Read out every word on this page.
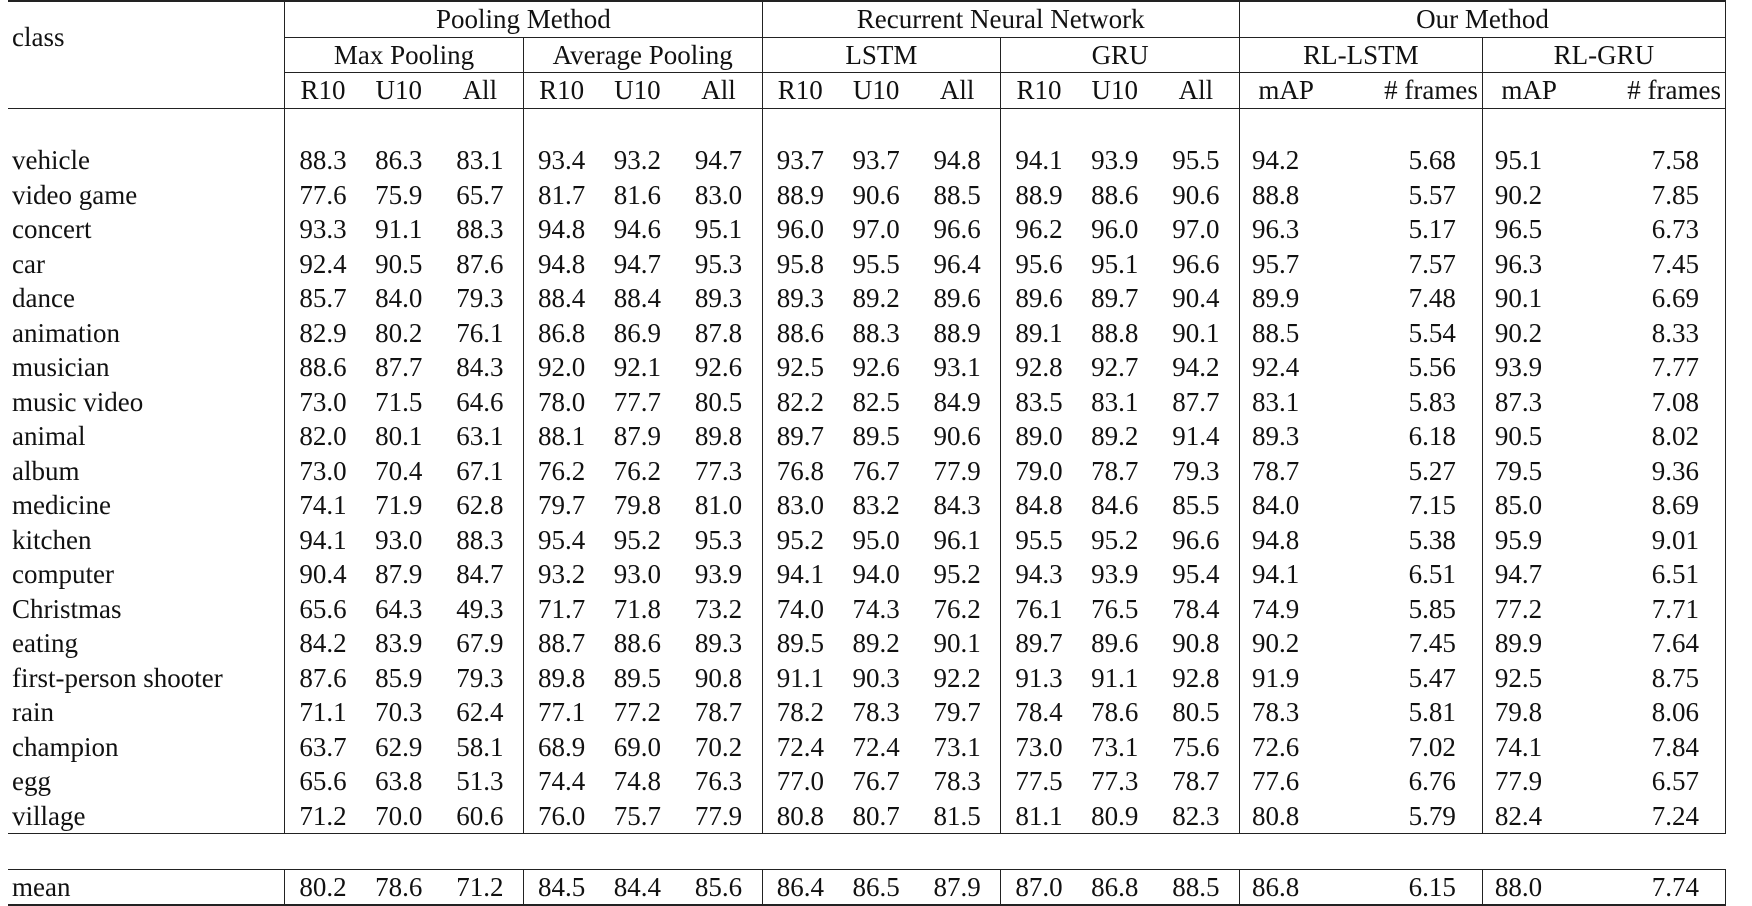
class	Pooling Method						Recurrent Neural Network						Our Method			
	Max Pooling			Average Pooling			LSTM			GRU			RL-LSTM		RL-GRU	
	R10	U10	All	R10	U10	All	R10	U10	All	R10	U10	All	mAP	# frames	mAP	# frames

vehicle	88.3	86.3	83.1	93.4	93.2	94.7	93.7	93.7	94.8	94.1	93.9	95.5	94.2	5.68	95.1	7.58
video game	77.6	75.9	65.7	81.7	81.6	83.0	88.9	90.6	88.5	88.9	88.6	90.6	88.8	5.57	90.2	7.85
concert	93.3	91.1	88.3	94.8	94.6	95.1	96.0	97.0	96.6	96.2	96.0	97.0	96.3	5.17	96.5	6.73
car	92.4	90.5	87.6	94.8	94.7	95.3	95.8	95.5	96.4	95.6	95.1	96.6	95.7	7.57	96.3	7.45
dance	85.7	84.0	79.3	88.4	88.4	89.3	89.3	89.2	89.6	89.6	89.7	90.4	89.9	7.48	90.1	6.69
animation	82.9	80.2	76.1	86.8	86.9	87.8	88.6	88.3	88.9	89.1	88.8	90.1	88.5	5.54	90.2	8.33
musician	88.6	87.7	84.3	92.0	92.1	92.6	92.5	92.6	93.1	92.8	92.7	94.2	92.4	5.56	93.9	7.77
music video	73.0	71.5	64.6	78.0	77.7	80.5	82.2	82.5	84.9	83.5	83.1	87.7	83.1	5.83	87.3	7.08
animal	82.0	80.1	63.1	88.1	87.9	89.8	89.7	89.5	90.6	89.0	89.2	91.4	89.3	6.18	90.5	8.02
album	73.0	70.4	67.1	76.2	76.2	77.3	76.8	76.7	77.9	79.0	78.7	79.3	78.7	5.27	79.5	9.36
medicine	74.1	71.9	62.8	79.7	79.8	81.0	83.0	83.2	84.3	84.8	84.6	85.5	84.0	7.15	85.0	8.69
kitchen	94.1	93.0	88.3	95.4	95.2	95.3	95.2	95.0	96.1	95.5	95.2	96.6	94.8	5.38	95.9	9.01
computer	90.4	87.9	84.7	93.2	93.0	93.9	94.1	94.0	95.2	94.3	93.9	95.4	94.1	6.51	94.7	6.51
Christmas	65.6	64.3	49.3	71.7	71.8	73.2	74.0	74.3	76.2	76.1	76.5	78.4	74.9	5.85	77.2	7.71
eating	84.2	83.9	67.9	88.7	88.6	89.3	89.5	89.2	90.1	89.7	89.6	90.8	90.2	7.45	89.9	7.64
first-person shooter	87.6	85.9	79.3	89.8	89.5	90.8	91.1	90.3	92.2	91.3	91.1	92.8	91.9	5.47	92.5	8.75
rain	71.1	70.3	62.4	77.1	77.2	78.7	78.2	78.3	79.7	78.4	78.6	80.5	78.3	5.81	79.8	8.06
champion	63.7	62.9	58.1	68.9	69.0	70.2	72.4	72.4	73.1	73.0	73.1	75.6	72.6	7.02	74.1	7.84
egg	65.6	63.8	51.3	74.4	74.8	76.3	77.0	76.7	78.3	77.5	77.3	78.7	77.6	6.76	77.9	6.57
village	71.2	70.0	60.6	76.0	75.7	77.9	80.8	80.7	81.5	81.1	80.9	82.3	80.8	5.79	82.4	7.24

mean	80.2	78.6	71.2	84.5	84.4	85.6	86.4	86.5	87.9	87.0	86.8	88.5	86.8	6.15	88.0	7.74
